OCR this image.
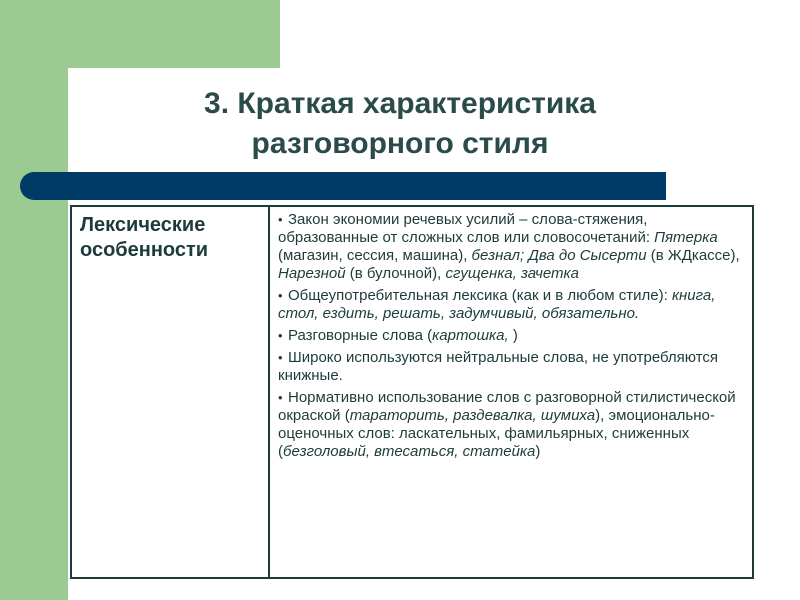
3. Краткая характеристика
разговорного стиля
Лексические
особенности
• Закон экономии речевых усилий – слова-стяжения, образованные от сложных слов или словосочетаний: Пятерка (магазин, сессия, машина), безнал; Два до Сысерти (в ЖДкассе), Нарезной (в булочной), сгущенка, зачетка
• Общеупотребительная лексика (как и в любом стиле): книга, стол, ездить, решать, задумчивый, обязательно.
• Разговорные слова (картошка, )
• Широко используются нейтральные слова, не употребляются книжные.
• Нормативно использование слов с разговорной стилистической окраской (тараторить, раздевалка, шумиха), эмоционально-оценочных слов: ласкательных, фамильярных, сниженных (безголовый, втесаться, статейка)
